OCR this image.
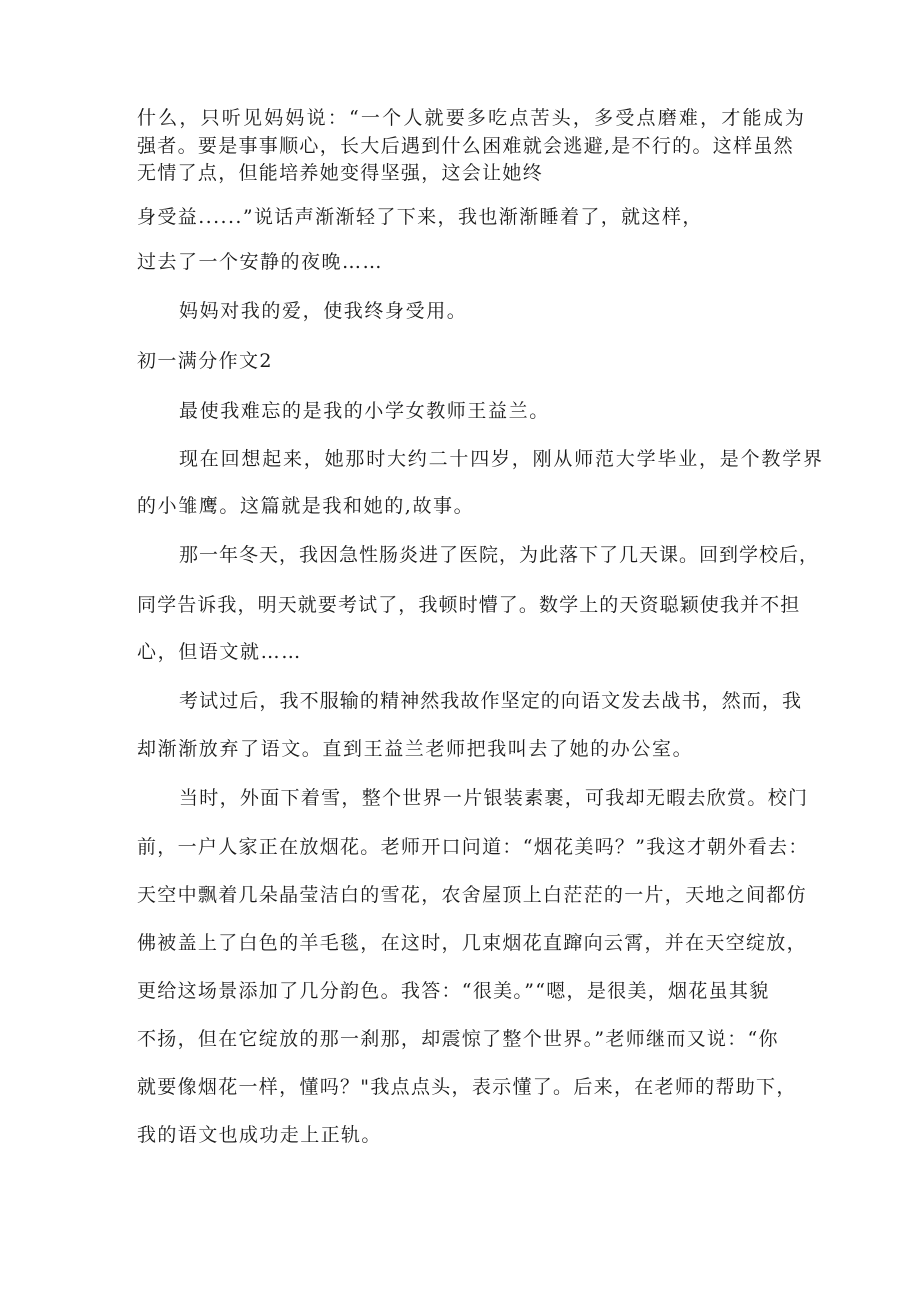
什么，只听见妈妈说：“一个人就要多吃点苦头，多受点磨难，才能成为
强者。要是事事顺心，长大后遇到什么困难就会逃避,是不行的。这样虽然
无情了点，但能培养她变得坚强，这会让她终
身受益......”说话声渐渐轻了下来，我也渐渐睡着了，就这样，
过去了一个安静的夜晚……
妈妈对我的爱，使我终身受用。
初一满分作文2
最使我难忘的是我的小学女教师王益兰。
现在回想起来，她那时大约二十四岁，刚从师范大学毕业，是个教学界
的小雏鹰。这篇就是我和她的,故事。
那一年冬天，我因急性肠炎进了医院，为此落下了几天课。回到学校后，
同学告诉我，明天就要考试了，我顿时懵了。数学上的天资聪颖使我并不担
心，但语文就……
考试过后，我不服输的精神然我故作坚定的向语文发去战书，然而，我
却渐渐放弃了语文。直到王益兰老师把我叫去了她的办公室。
当时，外面下着雪，整个世界一片银装素裹，可我却无暇去欣赏。校门
前，一户人家正在放烟花。老师开口问道：“烟花美吗？”我这才朝外看去：
天空中飘着几朵晶莹洁白的雪花，农舍屋顶上白茫茫的一片，天地之间都仿
佛被盖上了白色的羊毛毯，在这时，几束烟花直蹿向云霄，并在天空绽放，
更给这场景添加了几分韵色。我答：“很美。”“嗯，是很美，烟花虽其貌
不扬，但在它绽放的那一刹那，却震惊了整个世界。”老师继而又说：“你
就要像烟花一样，懂吗？"我点点头，表示懂了。后来，在老师的帮助下，
我的语文也成功走上正轨。
